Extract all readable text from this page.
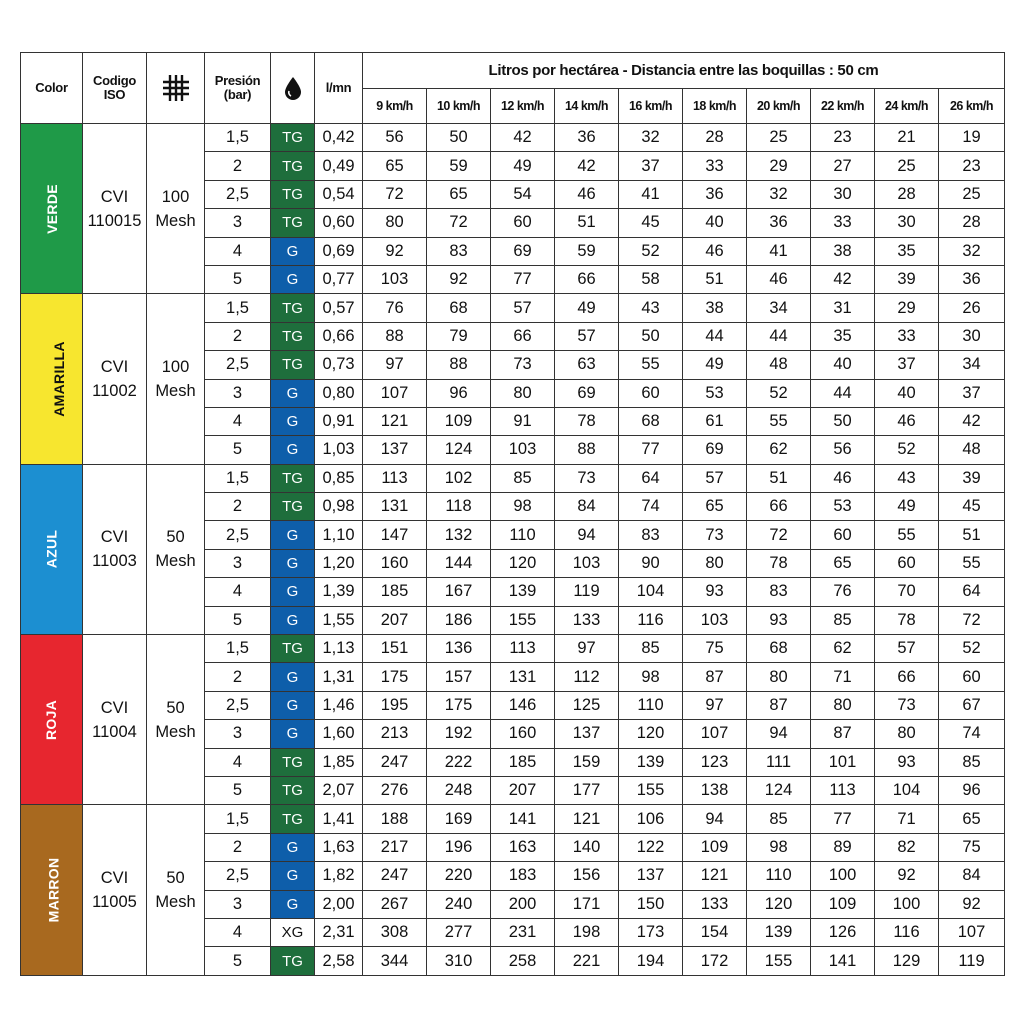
Color	Codigo ISO		Presión (bar)		l/mn	Litros por hectárea - Distancia entre las boquillas : 50 cm									
						9 km/h	10 km/h	12 km/h	14 km/h	16 km/h	18 km/h	20 km/h	22 km/h	24 km/h	26 km/h
VERDE	CVI 110015	100 Mesh	1,5	TG	0,42	56	50	42	36	32	28	25	23	21	19
			2	TG	0,49	65	59	49	42	37	33	29	27	25	23
			2,5	TG	0,54	72	65	54	46	41	36	32	30	28	25
			3	TG	0,60	80	72	60	51	45	40	36	33	30	28
			4	G	0,69	92	83	69	59	52	46	41	38	35	32
			5	G	0,77	103	92	77	66	58	51	46	42	39	36
AMARILLA	CVI 11002	100 Mesh	1,5	TG	0,57	76	68	57	49	43	38	34	31	29	26
			2	TG	0,66	88	79	66	57	50	44	44	35	33	30
			2,5	TG	0,73	97	88	73	63	55	49	48	40	37	34
			3	G	0,80	107	96	80	69	60	53	52	44	40	37
			4	G	0,91	121	109	91	78	68	61	55	50	46	42
			5	G	1,03	137	124	103	88	77	69	62	56	52	48
AZUL	CVI 11003	50 Mesh	1,5	TG	0,85	113	102	85	73	64	57	51	46	43	39
			2	TG	0,98	131	118	98	84	74	65	66	53	49	45
			2,5	G	1,10	147	132	110	94	83	73	72	60	55	51
			3	G	1,20	160	144	120	103	90	80	78	65	60	55
			4	G	1,39	185	167	139	119	104	93	83	76	70	64
			5	G	1,55	207	186	155	133	116	103	93	85	78	72
ROJA	CVI 11004	50 Mesh	1,5	TG	1,13	151	136	113	97	85	75	68	62	57	52
			2	G	1,31	175	157	131	112	98	87	80	71	66	60
			2,5	G	1,46	195	175	146	125	110	97	87	80	73	67
			3	G	1,60	213	192	160	137	120	107	94	87	80	74
			4	TG	1,85	247	222	185	159	139	123	111	101	93	85
			5	TG	2,07	276	248	207	177	155	138	124	113	104	96
MARRON	CVI 11005	50 Mesh	1,5	TG	1,41	188	169	141	121	106	94	85	77	71	65
			2	G	1,63	217	196	163	140	122	109	98	89	82	75
			2,5	G	1,82	247	220	183	156	137	121	110	100	92	84
			3	G	2,00	267	240	200	171	150	133	120	109	100	92
			4	XG	2,31	308	277	231	198	173	154	139	126	116	107
			5	TG	2,58	344	310	258	221	194	172	155	141	129	119
